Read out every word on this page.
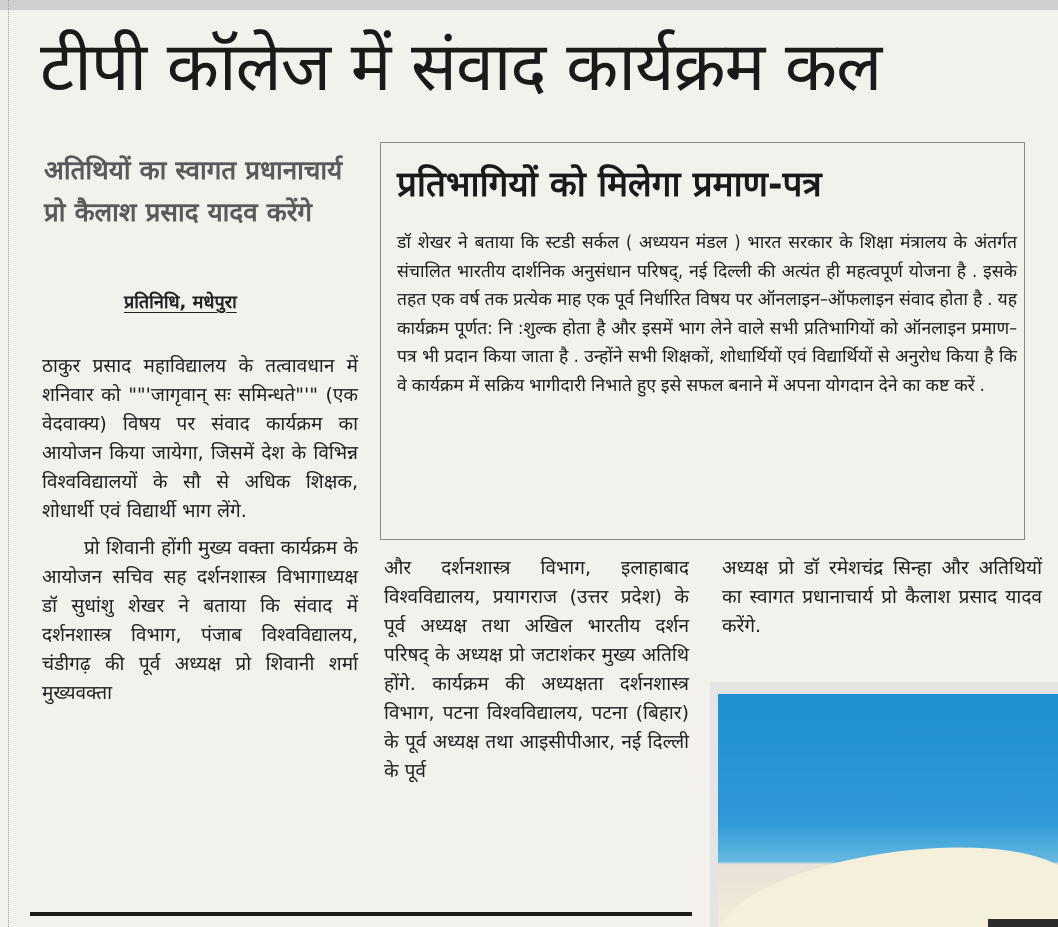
टीपी कॉलेज में संवाद कार्यक्रम कल
अतिथियों का स्वागत प्रधानाचार्य प्रो कैलाश प्रसाद यादव करेंगे
प्रतिनिधि, मधेपुरा

ठाकुर प्रसाद महाविद्यालय के तत्वावधान में शनिवार को ""'जागृवान् सः समिन्धते"'" (एक वेदवाक्य) विषय पर संवाद कार्यक्रम का आयोजन किया जायेगा, जिसमें देश के विभिन्न विश्वविद्यालयों के सौ से अधिक शिक्षक, शोधार्थी एवं विद्यार्थी भाग लेंगे.

प्रो शिवानी होंगी मुख्य वक्ता कार्यक्रम के आयोजन सचिव सह दर्शनशास्त्र विभागाध्यक्ष डॉ सुधांशु शेखर ने बताया कि संवाद में दर्शनशास्त्र विभाग, पंजाब विश्वविद्यालय, चंडीगढ़ की पूर्व अध्यक्ष प्रो शिवानी शर्मा मुख्यवक्ता

प्रतिभागियों को मिलेगा प्रमाण-पत्र
डॉ शेखर ने बताया कि स्टडी सर्कल ( अध्ययन मंडल ) भारत सरकार के शिक्षा मंत्रालय के अंतर्गत संचालित भारतीय दार्शनिक अनुसंधान परिषद्, नई दिल्ली की अत्यंत ही महत्वपूर्ण योजना है . इसके तहत एक वर्ष तक प्रत्येक माह एक पूर्व निर्धारित विषय पर ऑनलाइन–ऑफलाइन संवाद होता है . यह कार्यक्रम पूर्णत: नि :शुल्क होता है और इसमें भाग लेने वाले सभी प्रतिभागियों को ऑनलाइन प्रमाण–पत्र भी प्रदान किया जाता है . उन्होंने सभी शिक्षकों, शोधार्थियों एवं विद्यार्थियों से अनुरोध किया है कि वे कार्यक्रम में सक्रिय भागीदारी निभाते हुए इसे सफल बनाने में अपना योगदान देने का कष्ट करें .

और दर्शनशास्त्र विभाग, इलाहाबाद विश्वविद्यालय, प्रयागराज (उत्तर प्रदेश) के पूर्व अध्यक्ष तथा अखिल भारतीय दर्शन परिषद् के अध्यक्ष प्रो जटाशंकर मुख्य अतिथि होंगे. कार्यक्रम की अध्यक्षता दर्शनशास्त्र विभाग, पटना विश्वविद्यालय, पटना (बिहार) के पूर्व अध्यक्ष तथा आइसीपीआर, नई दिल्ली के पूर्व

अध्यक्ष प्रो डॉ रमेशचंद्र सिन्हा और अतिथियों का स्वागत प्रधानाचार्य प्रो कैलाश प्रसाद यादव करेंगे.
